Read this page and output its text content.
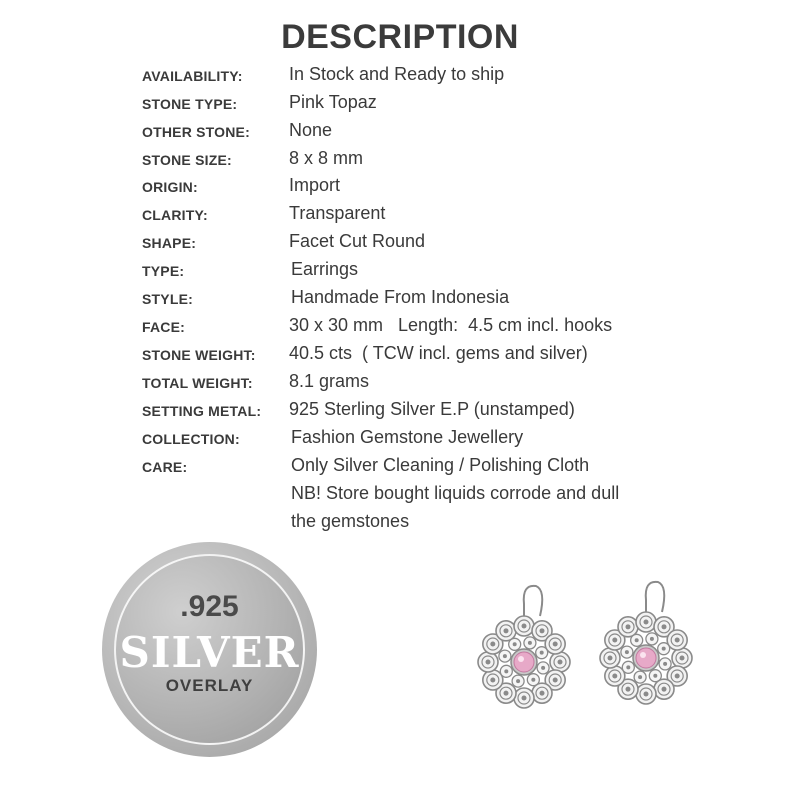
DESCRIPTION
AVAILABILITY:	In Stock and Ready to ship
STONE TYPE:	Pink Topaz
OTHER STONE: None
STONE SIZE:	8 x 8 mm
ORIGIN:	Import
CLARITY:	Transparent
SHAPE:	Facet Cut Round
TYPE:	Earrings
STYLE:	Handmade From Indonesia
FACE:	30 x 30 mm   Length:  4.5 cm incl. hooks
STONE WEIGHT: 40.5 cts  ( TCW incl. gems and silver)
TOTAL WEIGHT: 8.1 grams
SETTING METAL: 925 Sterling Silver E.P (unstamped)
COLLECTION:	Fashion Gemstone Jewellery
CARE:	Only Silver Cleaning / Polishing Cloth
NB! Store bought liquids corrode and dull
the gemstones
.925
SILVER
OVERLAY
